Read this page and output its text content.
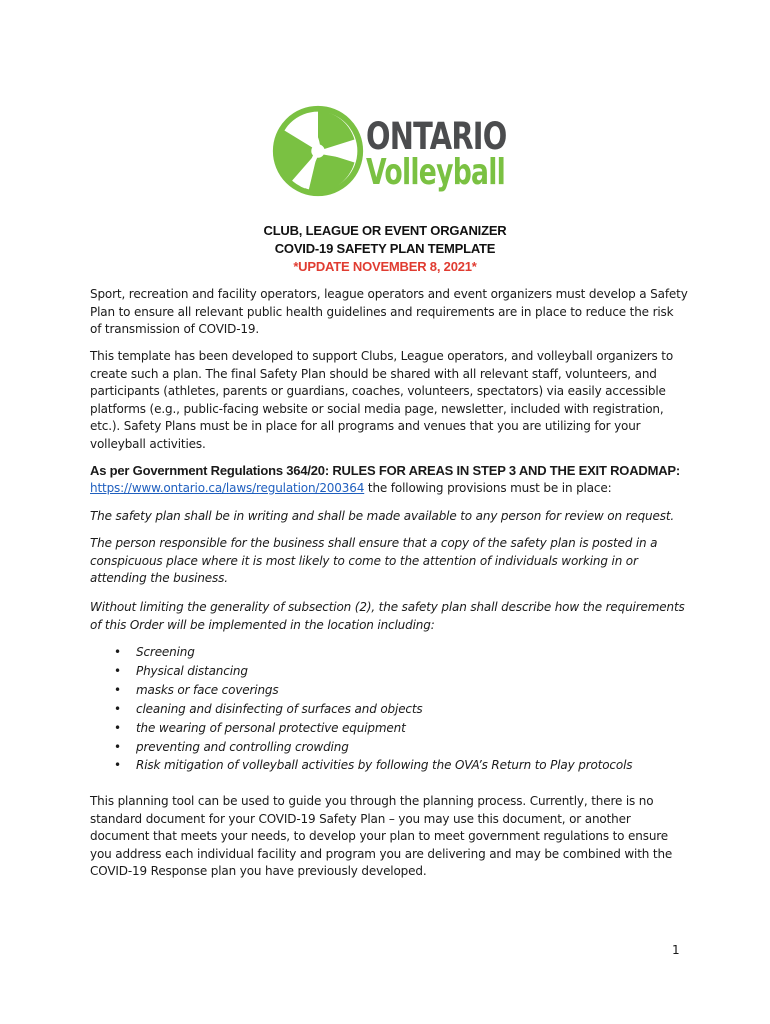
ONTARIO
Volleyball
CLUB, LEAGUE OR EVENT ORGANIZER
COVID-19 SAFETY PLAN TEMPLATE
*UPDATE NOVEMBER 8, 2021*

Sport, recreation and facility operators, league operators and event organizers must develop a Safety
Plan to ensure all relevant public health guidelines and requirements are in place to reduce the risk
of transmission of COVID-19.

This template has been developed to support Clubs, League operators, and volleyball organizers to
create such a plan. The final Safety Plan should be shared with all relevant staff, volunteers, and
participants (athletes, parents or guardians, coaches, volunteers, spectators) via easily accessible
platforms (e.g., public-facing website or social media page, newsletter, included with registration,
etc.). Safety Plans must be in place for all programs and venues that you are utilizing for your
volleyball activities.

As per Government Regulations 364/20: RULES FOR AREAS IN STEP 3 AND THE EXIT ROADMAP:
https://www.ontario.ca/laws/regulation/200364 the following provisions must be in place:

The safety plan shall be in writing and shall be made available to any person for review on request.

The person responsible for the business shall ensure that a copy of the safety plan is posted in a
conspicuous place where it is most likely to come to the attention of individuals working in or
attending the business.

Without limiting the generality of subsection (2), the safety plan shall describe how the requirements
of this Order will be implemented in the location including:

• Screening
• Physical distancing
• masks or face coverings
• cleaning and disinfecting of surfaces and objects
• the wearing of personal protective equipment
• preventing and controlling crowding
• Risk mitigation of volleyball activities by following the OVA’s Return to Play protocols

This planning tool can be used to guide you through the planning process. Currently, there is no
standard document for your COVID-19 Safety Plan – you may use this document, or another
document that meets your needs, to develop your plan to meet government regulations to ensure
you address each individual facility and program you are delivering and may be combined with the
COVID-19 Response plan you have previously developed.

1
